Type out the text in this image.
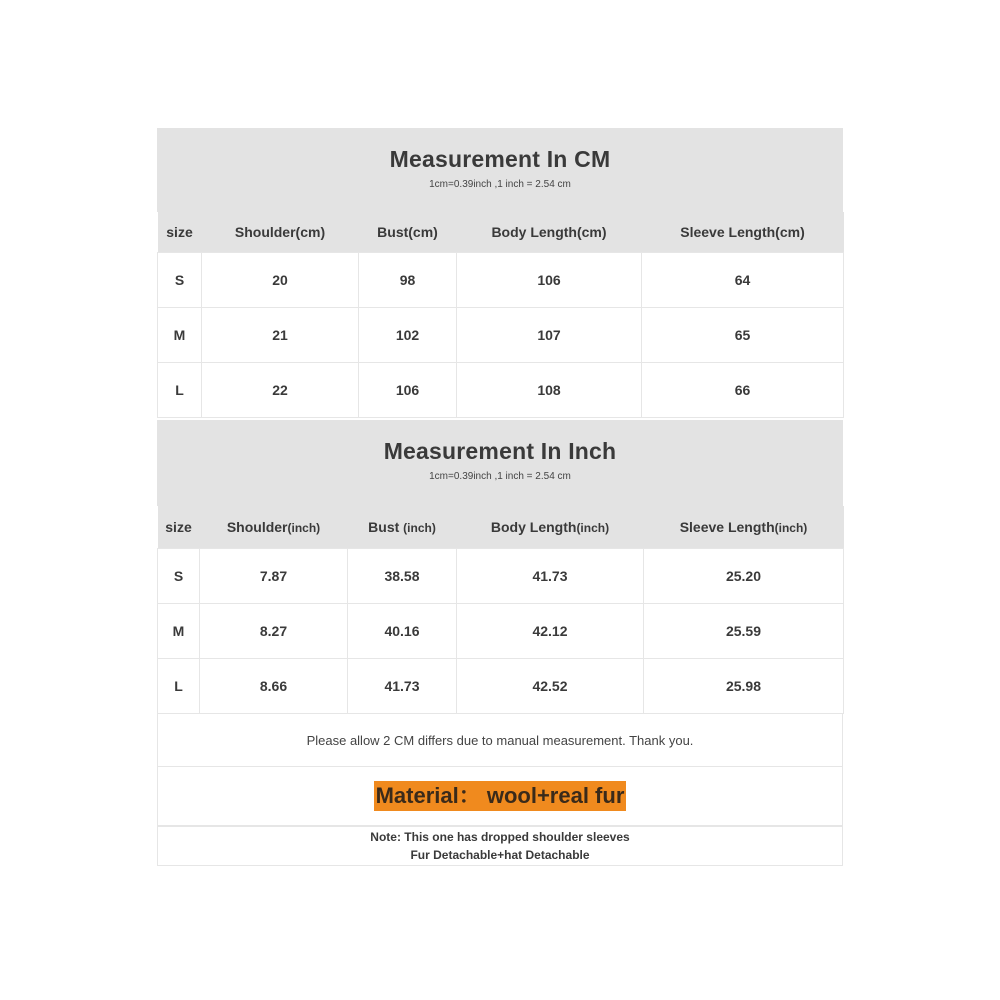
Measurement In CM
1cm=0.39inch ,1 inch = 2.54 cm
size	Shoulder(cm)	Bust(cm)	Body Length(cm)	Sleeve Length(cm)

S	20	98	106	64
M	21	102	107	65
L	22	106	108	66
Measurement In Inch
1cm=0.39inch ,1 inch = 2.54 cm
size	Shoulder(inch)	Bust (inch)	Body Length(inch)	Sleeve Length(inch)
S	7.87	38.58	41.73	25.20
M	8.27	40.16	42.12	25.59
L	8.66	41.73	42.52	25.98
Please allow 2 CM differs due to manual measurement. Thank you.
Material： wool+real fur
Note: This one has dropped shoulder sleeves
Fur Detachable+hat Detachable
